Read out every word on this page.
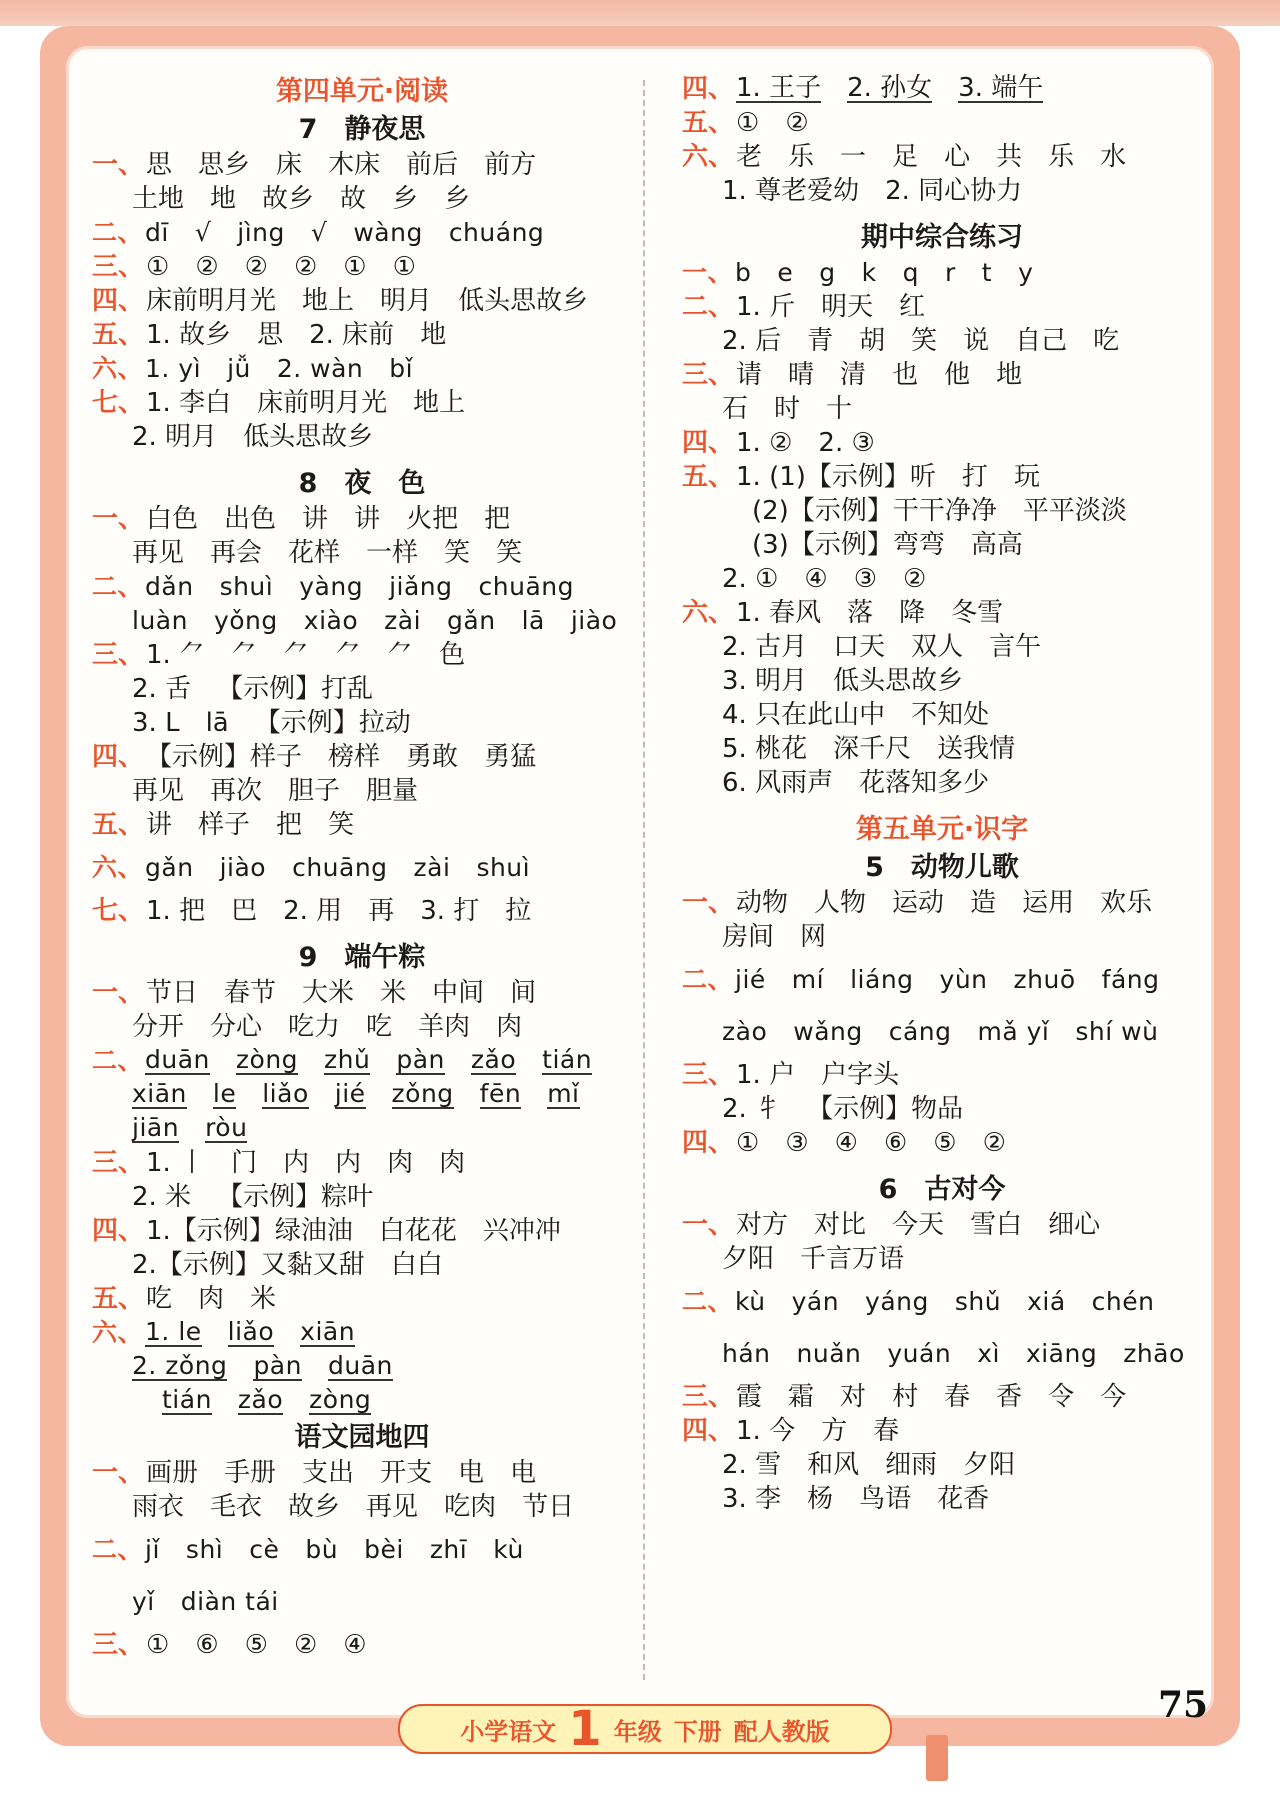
第四单元·阅读
7　静夜思
一、 思 思乡 床 木床 前后 前方
土地 地 故乡 故 乡 乡
二、 dī √ jìng √ wàng chuáng
三、 ① ② ② ② ① ①
四、 床前明月光 地上 明月 低头思故乡
五、 1. 故乡 思 2. 床前 地
六、 1. yì jǚ 2. wàn bǐ
七、 1. 李白 床前明月光 地上
2. 明月 低头思故乡
8　夜　色
一、 白色 出色 讲 讲 火把 把
再见 再会 花样 一样 笑 笑
二、 dǎn shuì yàng jiǎng chuāng
luàn yǒng xiào zài gǎn lā jiào
三、 1. ⺈ ⺈ ⺈ ⺈ ⺈ 色
2. 舌 【示例】打乱
3. L lā 【示例】拉动
四、 【示例】样子 榜样 勇敢 勇猛
再见 再次 胆子 胆量
五、 讲 样子 把 笑
六、 gǎn jiào chuāng zài shuì
七、 1. 把 巴 2. 用 再 3. 打 拉
9　端午粽
一、 节日 春节 大米 米 中间 间
分开 分心 吃力 吃 羊肉 肉
二、 duān zòng zhǔ pàn zǎo tián
xiān le liǎo jié zǒng fēn mǐ
jiān ròu
三、 1. 丨 门 内 内 肉 肉
2. 米 【示例】粽叶
四、 1.【示例】绿油油 白花花 兴冲冲
2.【示例】又黏又甜 白白
五、 吃 肉 米
六、 1. le liǎo xiān
2. zǒng pàn duān
tián zǎo zòng
语文园地四
一、 画册 手册 支出 开支 电 电
雨衣 毛衣 故乡 再见 吃肉 节日
二、 jǐ shì cè bù bèi zhī kù
yǐ diàn tái
三、 ① ⑥ ⑤ ② ④
四、 1. 王子 2. 孙女 3. 端午
五、 ① ②
六、 老 乐 一 足 心 共 乐 水
1. 尊老爱幼 2. 同心协力
期中综合练习
一、 b e g k q r t y
二、 1. 斤 明天 红
2. 后 青 胡 笑 说 自己 吃
三、 请 晴 清 也 他 地
石 时 十
四、 1. ② 2. ③
五、 1. (1)【示例】听 打 玩
(2)【示例】干干净净 平平淡淡
(3)【示例】弯弯 高高
2. ① ④ ③ ②
六、 1. 春风 落 降 冬雪
2. 古月 口天 双人 言午
3. 明月 低头思故乡
4. 只在此山中 不知处
5. 桃花 深千尺 送我情
6. 风雨声 花落知多少
第五单元·识字
5　动物儿歌
一、 动物 人物 运动 造 运用 欢乐
房间 网
二、 jié mí liáng yùn zhuō fáng
zào wǎng cáng mǎ yǐ shí wù
三、 1. 户 户字头
2. 牜 【示例】物品
四、 ① ③ ④ ⑥ ⑤ ②
6　古对今
一、 对方 对比 今天 雪白 细心
夕阳 千言万语
二、 kù yán yáng shǔ xiá chén
hán nuǎn yuán xì xiāng zhāo
三、 霞 霜 对 村 春 香 令 今
四、 1. 今 方 春
2. 雪 和风 细雨 夕阳
3. 李 杨 鸟语 花香
75
小学语文 1 年级 下册 配人教版
